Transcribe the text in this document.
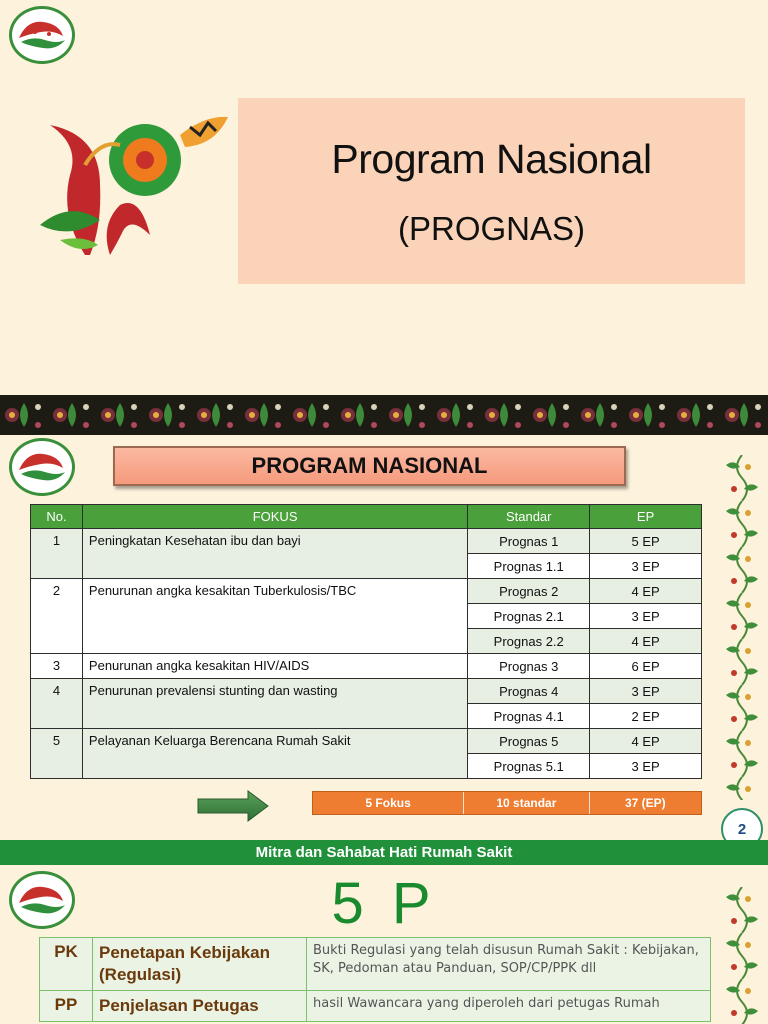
Program Nasional
(PROGNAS)
PROGRAM NASIONAL
No.	FOKUS	Standar	EP
1	Peningkatan Kesehatan ibu dan bayi	Prognas 1	5 EP
		Prognas 1.1	3 EP
2	Penurunan angka kesakitan Tuberkulosis/TBC	Prognas 2	4 EP
		Prognas 2.1	3 EP
		Prognas 2.2	4 EP
3	Penurunan angka kesakitan HIV/AIDS	Prognas 3	6 EP
4	Penurunan prevalensi stunting dan wasting	Prognas 4	3 EP
		Prognas 4.1	2 EP
5	Pelayanan Keluarga Berencana Rumah Sakit	Prognas 5	4 EP
		Prognas 5.1	3 EP
5 Fokus	10 standar	37 (EP)
2
Mitra dan Sahabat Hati Rumah Sakit
5 P
PK	Penetapan Kebijakan (Regulasi)	Bukti Regulasi yang telah disusun Rumah Sakit : Kebijakan, SK, Pedoman atau Panduan, SOP/CP/PPK dll
PP	Penjelasan Petugas	hasil Wawancara yang diperoleh dari petugas Rumah
